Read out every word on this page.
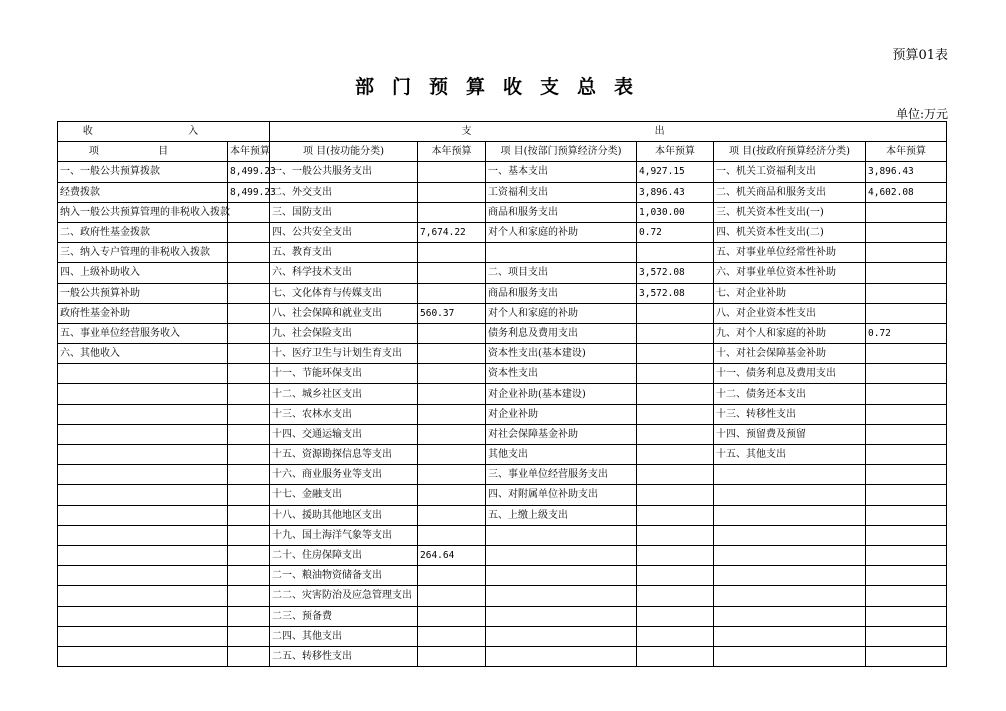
预算01表
部门预算收支总表
单位:万元
收 入		支 出					
项 目	本年预算	项 目(按功能分类)	本年预算	项 目(按部门预算经济分类)	本年预算	项 目(按政府预算经济分类)	本年预算
一、一般公共预算拨款	8,499.23	一、一般公共服务支出		一、基本支出	4,927.15	一、机关工资福利支出	3,896.43
经费拨款	8,499.23	二、外交支出		工资福利支出	3,896.43	二、机关商品和服务支出	4,602.08
纳入一般公共预算管理的非税收入拨款		三、国防支出		商品和服务支出	1,030.00	三、机关资本性支出(一)	
二、政府性基金拨款		四、公共安全支出	7,674.22	对个人和家庭的补助	0.72	四、机关资本性支出(二)	
三、纳入专户管理的非税收入拨款		五、教育支出				五、对事业单位经常性补助	
四、上级补助收入		六、科学技术支出		二、项目支出	3,572.08	六、对事业单位资本性补助	
一般公共预算补助		七、文化体育与传媒支出		商品和服务支出	3,572.08	七、对企业补助	
政府性基金补助		八、社会保障和就业支出	560.37	对个人和家庭的补助		八、对企业资本性支出	
五、事业单位经营服务收入		九、社会保险支出		债务利息及费用支出		九、对个人和家庭的补助	0.72
六、其他收入		十、医疗卫生与计划生育支出		资本性支出(基本建设)		十、对社会保障基金补助	
		十一、节能环保支出		资本性支出		十一、债务利息及费用支出	
		十二、城乡社区支出		对企业补助(基本建设)		十二、债务还本支出	
		十三、农林水支出		对企业补助		十三、转移性支出	
		十四、交通运输支出		对社会保障基金补助		十四、预留费及预留	
		十五、资源勘探信息等支出		其他支出		十五、其他支出	
		十六、商业服务业等支出		三、事业单位经营服务支出			
		十七、金融支出		四、对附属单位补助支出			
		十八、援助其他地区支出		五、上缴上级支出			
		十九、国土海洋气象等支出					
		二十、住房保障支出	264.64				
		二一、粮油物资储备支出					
		二二、灾害防治及应急管理支出					
		二三、预备费					
		二四、其他支出					
		二五、转移性支出					
